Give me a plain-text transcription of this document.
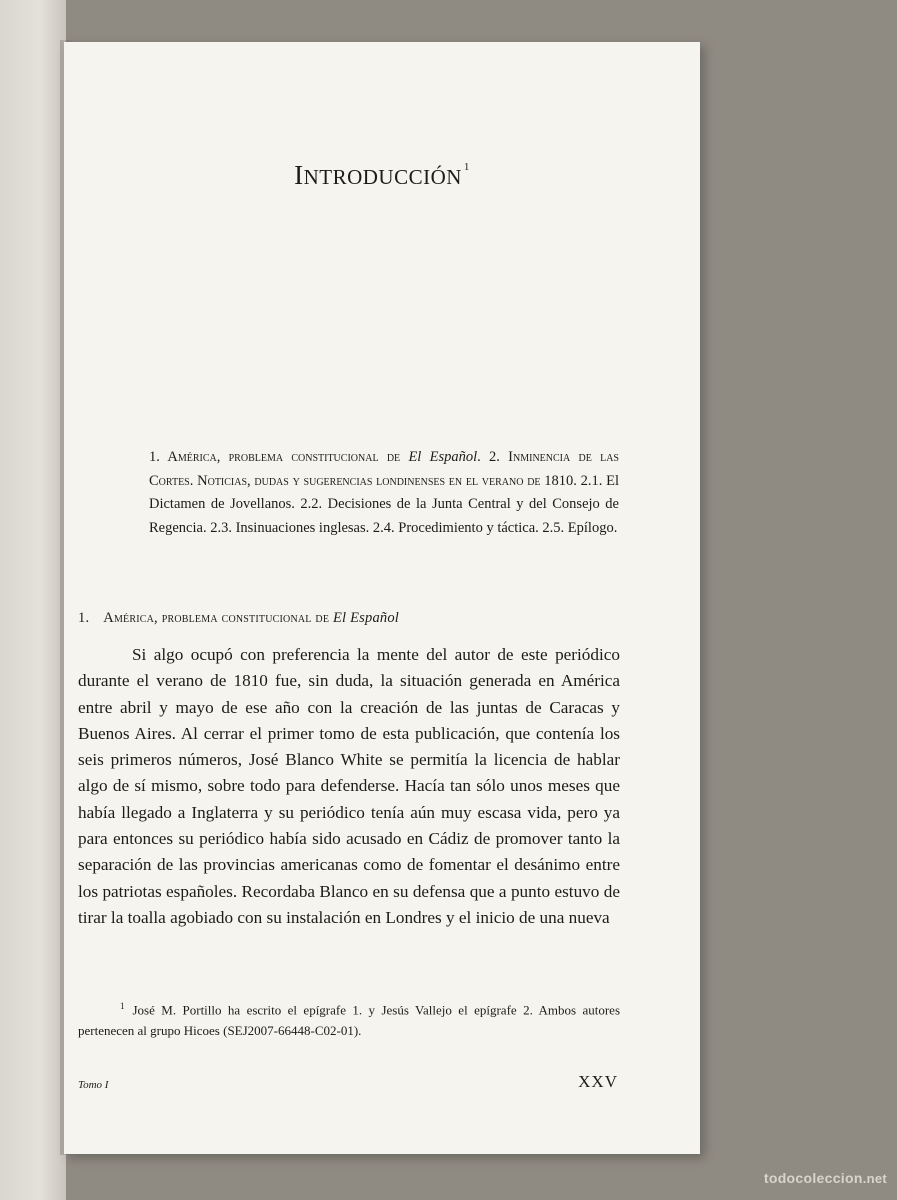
INTRODUCCIÓN $^1$
1. América, problema constitucional de El Español. 2. Inminencia de las Cortes. Noticias, dudas y sugerencias londinenses en el verano de 1810. 2.1. El Dictamen de Jovellanos. 2.2. Decisiones de la Junta Central y del Consejo de Regencia. 2.3. Insinuaciones inglesas. 2.4. Procedimiento y táctica. 2.5. Epílogo.
1. América, problema constitucional de El Español

Si algo ocupó con preferencia la mente del autor de este periódico durante el verano de 1810 fue, sin duda, la situación generada en América entre abril y mayo de ese año con la creación de las juntas de Caracas y Buenos Aires. Al cerrar el primer tomo de esta publicación, que contenía los seis primeros números, José Blanco White se permitía la licencia de hablar algo de sí mismo, sobre todo para defenderse. Hacía tan sólo unos meses que había llegado a Inglaterra y su periódico tenía aún muy escasa vida, pero ya para entonces su periódico había sido acusado en Cádiz de promover tanto la separación de las provincias americanas como de fomentar el desánimo entre los patriotas españoles. Recordaba Blanco en su defensa que a punto estuvo de tirar la toalla agobiado con su instalación en Londres y el inicio de una nueva

$^1$ José M. Portillo ha escrito el epígrafe 1. y Jesús Vallejo el epígrafe 2. Ambos autores pertenecen al grupo Hicoes (SEJ2007-66448-C02-01).

Tomo I	XXV
todocoleccion.net
